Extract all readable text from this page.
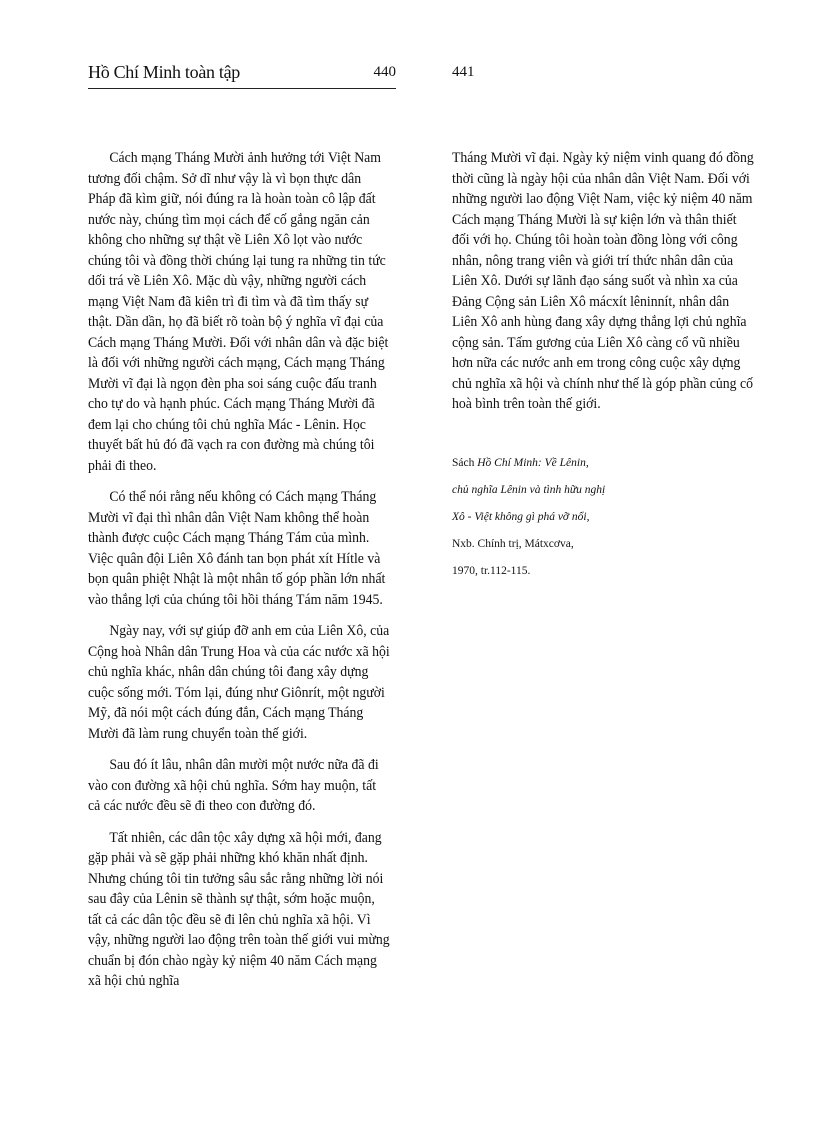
Hồ Chí Minh toàn tập	440	441

Cách mạng Tháng Mười ảnh hưởng tới Việt Nam tương đối chậm. Sở dĩ như vậy là vì bọn thực dân Pháp đã kìm giữ, nói đúng ra là hoàn toàn cô lập đất nước này, chúng tìm mọi cách để cố gắng ngăn cản không cho những sự thật về Liên Xô lọt vào nước chúng tôi và đồng thời chúng lại tung ra những tin tức dối trá về Liên Xô. Mặc dù vậy, những người cách mạng Việt Nam đã kiên trì đi tìm và đã tìm thấy sự thật. Dần dần, họ đã biết rõ toàn bộ ý nghĩa vĩ đại của Cách mạng Tháng Mười. Đối với nhân dân và đặc biệt là đối với những người cách mạng, Cách mạng Tháng Mười vĩ đại là ngọn đèn pha soi sáng cuộc đấu tranh cho tự do và hạnh phúc. Cách mạng Tháng Mười đã đem lại cho chúng tôi chủ nghĩa Mác - Lênin. Học thuyết bất hủ đó đã vạch ra con đường mà chúng tôi phải đi theo.

Có thể nói rằng nếu không có Cách mạng Tháng Mười vĩ đại thì nhân dân Việt Nam không thể hoàn thành được cuộc Cách mạng Tháng Tám của mình. Việc quân đội Liên Xô đánh tan bọn phát xít Hítle và bọn quân phiệt Nhật là một nhân tố góp phần lớn nhất vào thắng lợi của chúng tôi hồi tháng Tám năm 1945.

Ngày nay, với sự giúp đỡ anh em của Liên Xô, của Cộng hoà Nhân dân Trung Hoa và của các nước xã hội chủ nghĩa khác, nhân dân chúng tôi đang xây dựng cuộc sống mới. Tóm lại, đúng như Giônrít, một người Mỹ, đã nói một cách đúng đắn, Cách mạng Tháng Mười đã làm rung chuyển toàn thế giới.

Sau đó ít lâu, nhân dân mười một nước nữa đã đi vào con đường xã hội chủ nghĩa. Sớm hay muộn, tất cả các nước đều sẽ đi theo con đường đó.

Tất nhiên, các dân tộc xây dựng xã hội mới, đang gặp phải và sẽ gặp phải những khó khăn nhất định. Nhưng chúng tôi tin tưởng sâu sắc rằng những lời nói sau đây của Lênin sẽ thành sự thật, sớm hoặc muộn, tất cả các dân tộc đều sẽ đi lên chủ nghĩa xã hội. Vì vậy, những người lao động trên toàn thế giới vui mừng chuẩn bị đón chào ngày kỷ niệm 40 năm Cách mạng xã hội chủ nghĩa

Tháng Mười vĩ đại. Ngày kỷ niệm vinh quang đó đồng thời cũng là ngày hội của nhân dân Việt Nam. Đối với những người lao động Việt Nam, việc kỷ niệm 40 năm Cách mạng Tháng Mười là sự kiện lớn và thân thiết đối với họ. Chúng tôi hoàn toàn đồng lòng với công nhân, nông trang viên và giới trí thức nhân dân của Liên Xô. Dưới sự lãnh đạo sáng suốt và nhìn xa của Đảng Cộng sản Liên Xô mácxít lêninnít, nhân dân Liên Xô anh hùng đang xây dựng thắng lợi chủ nghĩa cộng sản. Tấm gương của Liên Xô càng cổ vũ nhiều hơn nữa các nước anh em trong công cuộc xây dựng chủ nghĩa xã hội và chính như thế là góp phần củng cố hoà bình trên toàn thế giới.

Sách Hồ Chí Minh: Về Lênin,
chủ nghĩa Lênin và tình hữu nghị
Xô - Việt không gì phá vỡ nổi,
Nxb. Chính trị, Mátxcơva,
1970, tr.112-115.
